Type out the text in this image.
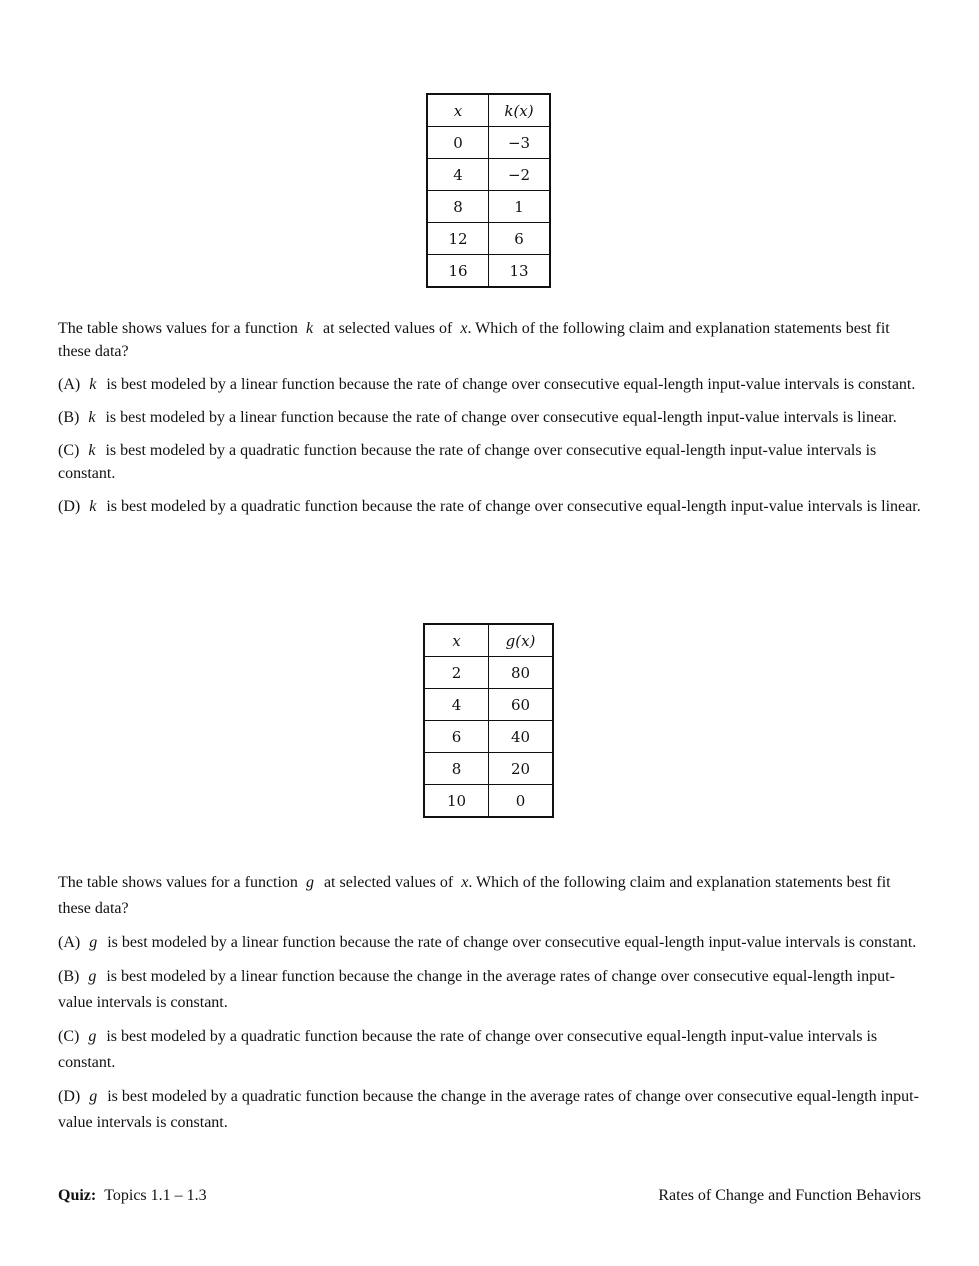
x	k(x)
0	−3
4	−2
8	1
12	6
16	13
The table shows values for a function k at selected values of x. Which of the following claim and explanation statements best fit these data?
(A) k is best modeled by a linear function because the rate of change over consecutive equal-length input-value intervals is constant.
(B) k is best modeled by a linear function because the rate of change over consecutive equal-length input-value intervals is linear.
(C) k is best modeled by a quadratic function because the rate of change over consecutive equal-length input-value intervals is constant.
(D) k is best modeled by a quadratic function because the rate of change over consecutive equal-length input-value intervals is linear.
x	g(x)
2	80
4	60
6	40
8	20
10	0
The table shows values for a function g at selected values of x. Which of the following claim and explanation statements best fit these data?
(A) g is best modeled by a linear function because the rate of change over consecutive equal-length input-value intervals is constant.
(B) g is best modeled by a linear function because the change in the average rates of change over consecutive equal-length input-value intervals is constant.
(C) g is best modeled by a quadratic function because the rate of change over consecutive equal-length input-value intervals is constant.
(D) g is best modeled by a quadratic function because the change in the average rates of change over consecutive equal-length input-value intervals is constant.
Quiz: Topics 1.1 – 1.3	Rates of Change and Function Behaviors
